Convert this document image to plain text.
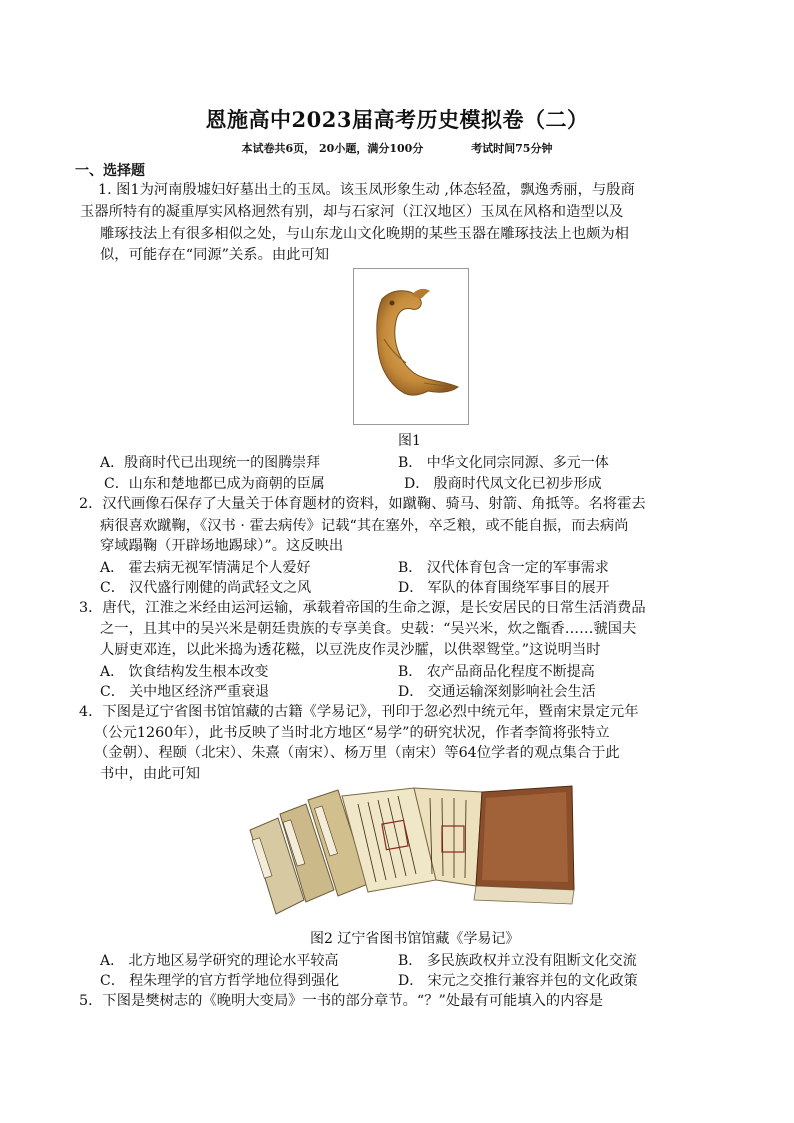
恩施高中2023届高考历史模拟卷（二）
本试卷共6页， 20小题，满分100分	考试时间75分钟
一、选择题
1. 图1为河南殷墟妇好墓出土的玉凤。该玉凤形象生动 ,体态轻盈，飘逸秀丽，与殷商
玉器所特有的凝重厚实风格迥然有别，却与石家河（江汉地区）玉凤在风格和造型以及
雕琢技法上有很多相似之处，与山东龙山文化晚期的某些玉器在雕琢技法上也颇为相
似，可能存在“同源”关系。由此可知
图1
A．殷商时代已出现统一的图腾崇拜	B． 中华文化同宗同源、多元一体
C．山东和楚地都已成为商朝的臣属	D． 殷商时代凤文化已初步形成
2．汉代画像石保存了大量关于体育题材的资料，如蹴鞠、骑马、射箭、角抵等。名将霍去
病很喜欢蹴鞠，《汉书 · 霍去病传》记载“其在塞外，卒乏粮，或不能自振，而去病尚
穿域蹋鞠（开辟场地踢球）”。这反映出
A． 霍去病无视军情满足个人爱好	B． 汉代体育包含一定的军事需求
C． 汉代盛行刚健的尚武轻文之风	D． 军队的体育围绕军事目的展开
3．唐代，江淮之米经由运河运输，承载着帝国的生命之源，是长安居民的日常生活消费品
之一，且其中的吴兴米是朝廷贵族的专享美食。史载：“吴兴米，炊之甑香……虢国夫
人厨吏邓连，以此米捣为透花糍，以豆洗皮作灵沙臛，以供翠鸳堂。”这说明当时
A． 饮食结构发生根本改变	B． 农产品商品化程度不断提高
C． 关中地区经济严重衰退	D． 交通运输深刻影响社会生活
4．下图是辽宁省图书馆馆藏的古籍《学易记》，刊印于忽必烈中统元年，暨南宋景定元年
（公元1260年），此书反映了当时北方地区“易学”的研究状况，作者李简将张特立
（金朝）、程颐（北宋）、朱熹（南宋）、杨万里（南宋）等64位学者的观点集合于此
书中，由此可知
图2 辽宁省图书馆馆藏《学易记》
A． 北方地区易学研究的理论水平较高	B． 多民族政权并立没有阻断文化交流
C． 程朱理学的官方哲学地位得到强化	D． 宋元之交推行兼容并包的文化政策
5．下图是樊树志的《晚明大变局》一书的部分章节。“？”处最有可能填入的内容是
